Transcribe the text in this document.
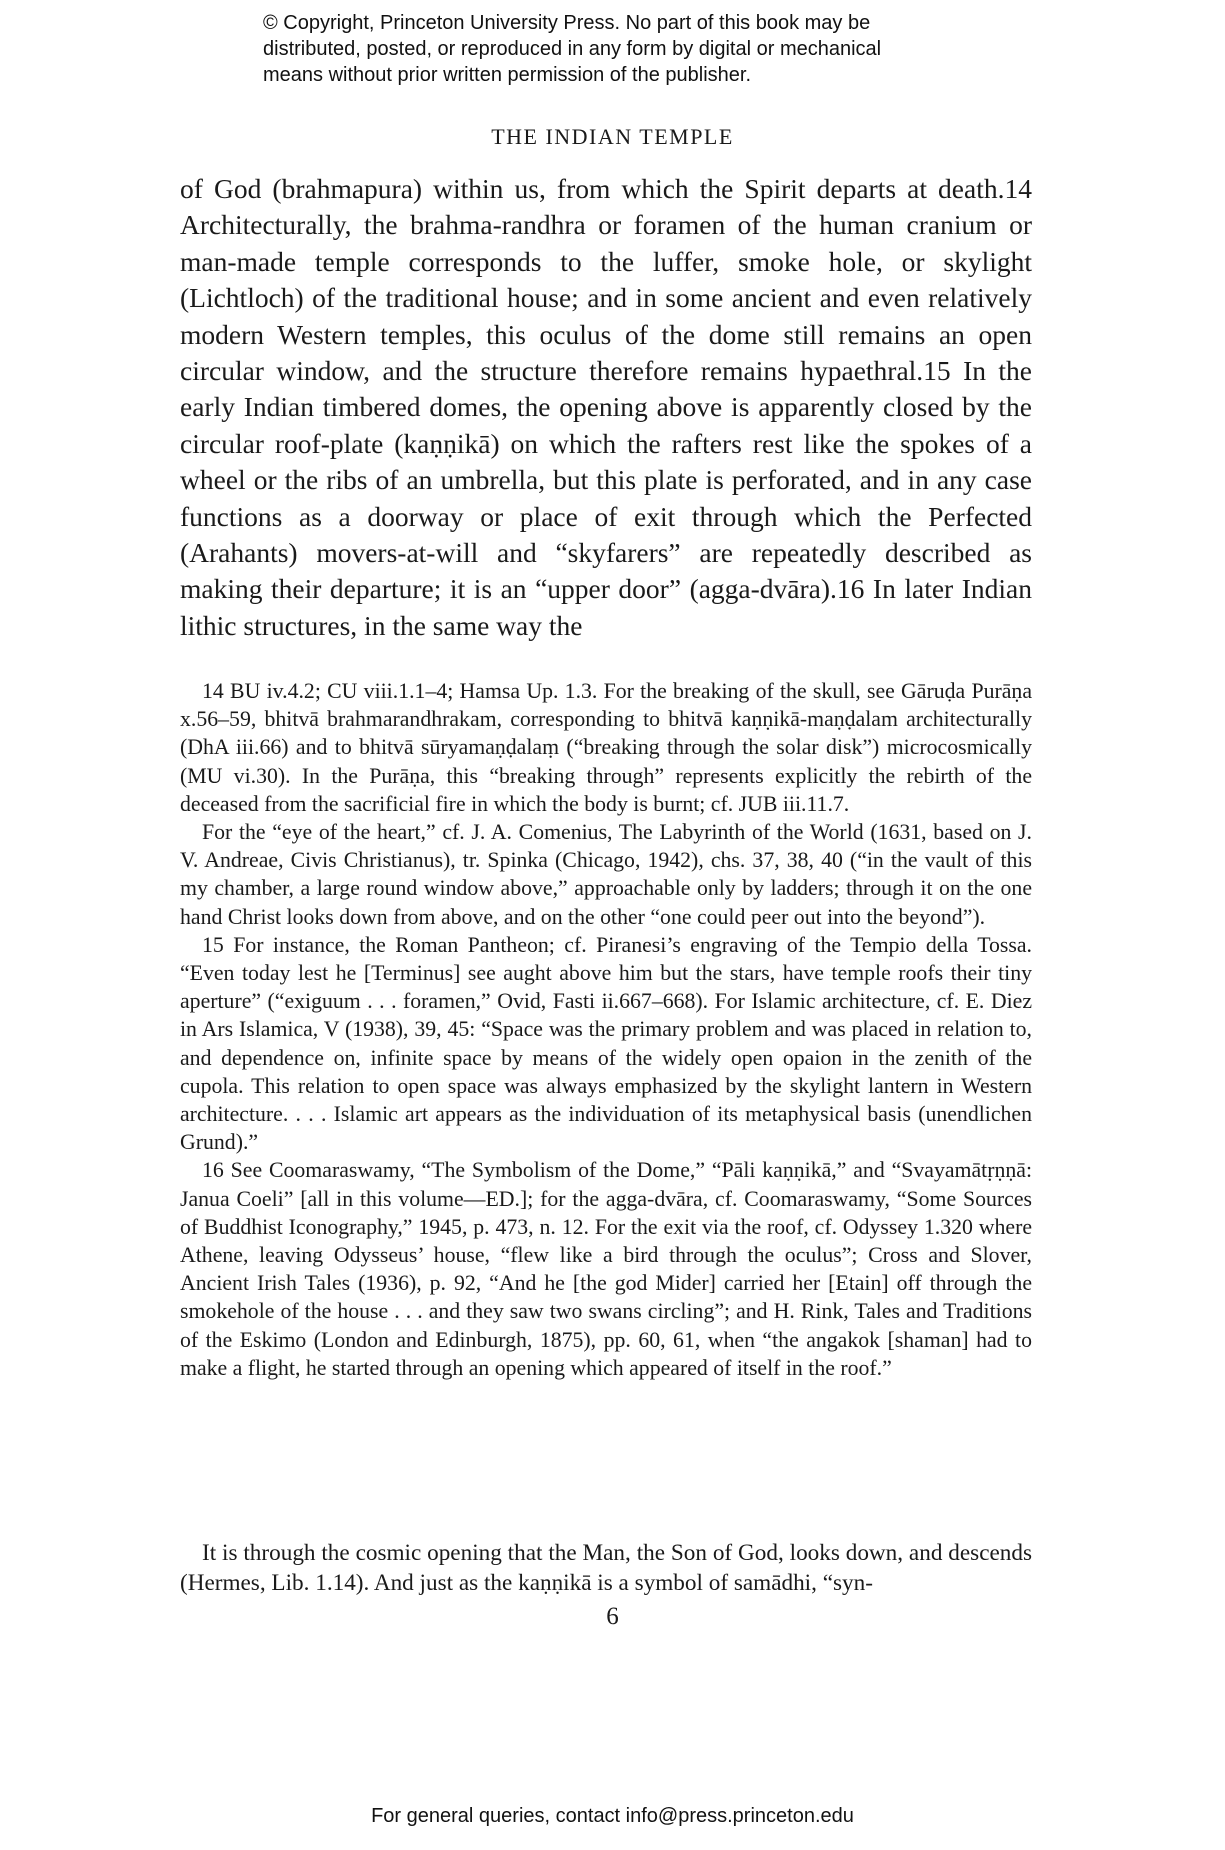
© Copyright, Princeton University Press. No part of this book may be
distributed, posted, or reproduced in any form by digital or mechanical
means without prior written permission of the publisher.
THE INDIAN TEMPLE

of God (brahmapura) within us, from which the Spirit departs at death.14 Architecturally, the brahma-randhra or foramen of the human cranium or man-made temple corresponds to the luffer, smoke hole, or skylight (Lichtloch) of the traditional house; and in some ancient and even relatively modern Western temples, this oculus of the dome still remains an open circular window, and the structure therefore remains hypaethral.15 In the early Indian timbered domes, the opening above is apparently closed by the circular roof-plate (kaṇṇikā) on which the rafters rest like the spokes of a wheel or the ribs of an umbrella, but this plate is perforated, and in any case functions as a doorway or place of exit through which the Perfected (Arahants) movers-at-will and “skyfarers” are repeatedly described as making their departure; it is an “upper door” (agga-dvāra).16 In later Indian lithic structures, in the same way the

14 BU iv.4.2; CU viii.1.1–4; Hamsa Up. 1.3. For the breaking of the skull, see Gāruḍa Purāṇa x.56–59, bhitvā brahmarandhrakam, corresponding to bhitvā kaṇṇikā-maṇḍalam architecturally (DhA iii.66) and to bhitvā sūryamaṇḍalaṃ (“breaking through the solar disk”) microcosmically (MU vi.30). In the Purāṇa, this “breaking through” represents explicitly the rebirth of the deceased from the sacrificial fire in which the body is burnt; cf. JUB iii.11.7.

For the “eye of the heart,” cf. J. A. Comenius, The Labyrinth of the World (1631, based on J. V. Andreae, Civis Christianus), tr. Spinka (Chicago, 1942), chs. 37, 38, 40 (“in the vault of this my chamber, a large round window above,” approachable only by ladders; through it on the one hand Christ looks down from above, and on the other “one could peer out into the beyond”).

15 For instance, the Roman Pantheon; cf. Piranesi’s engraving of the Tempio della Tossa. “Even today lest he [Terminus] see aught above him but the stars, have temple roofs their tiny aperture” (“exiguum . . . foramen,” Ovid, Fasti ii.667–668). For Islamic architecture, cf. E. Diez in Ars Islamica, V (1938), 39, 45: “Space was the primary problem and was placed in relation to, and dependence on, infinite space by means of the widely open opaion in the zenith of the cupola. This relation to open space was always emphasized by the skylight lantern in Western architecture. . . . Islamic art appears as the individuation of its metaphysical basis (unendlichen Grund).”

16 See Coomaraswamy, “The Symbolism of the Dome,” “Pāli kaṇṇikā,” and “Svayamātṛṇṇā: Janua Coeli” [all in this volume—ED.]; for the agga-dvāra, cf. Coomaraswamy, “Some Sources of Buddhist Iconography,” 1945, p. 473, n. 12. For the exit via the roof, cf. Odyssey 1.320 where Athene, leaving Odysseus’ house, “flew like a bird through the oculus”; Cross and Slover, Ancient Irish Tales (1936), p. 92, “And he [the god Mider] carried her [Etain] off through the smokehole of the house . . . and they saw two swans circling”; and H. Rink, Tales and Traditions of the Eskimo (London and Edinburgh, 1875), pp. 60, 61, when “the angakok [shaman] had to make a flight, he started through an opening which appeared of itself in the roof.”

It is through the cosmic opening that the Man, the Son of God, looks down, and descends (Hermes, Lib. 1.14). And just as the kaṇṇikā is a symbol of samādhi, “syn-

6
For general queries, contact info@press.princeton.edu
